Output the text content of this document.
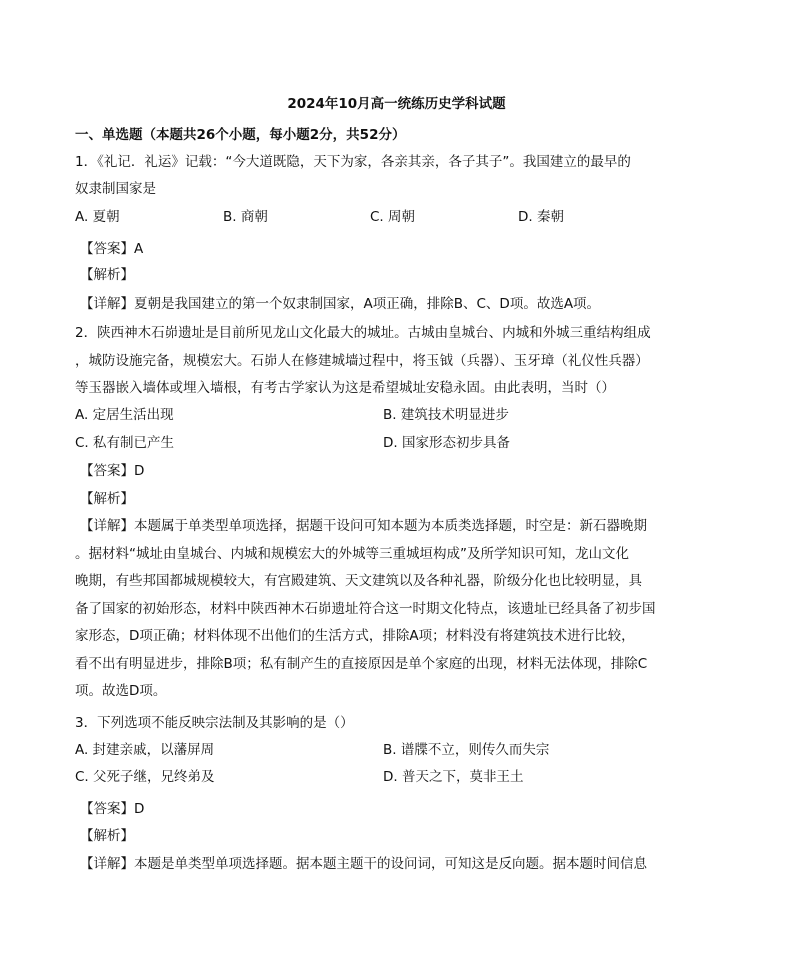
2024年10月高一统练历史学科试题
一、单选题（本题共26个小题，每小题2分，共52分）
1．《礼记．礼运》记载：“今大道既隐，天下为家，各亲其亲，各子其子”。我国建立的最早的
奴隶制国家是
A. 夏朝	B. 商朝	C. 周朝	D. 秦朝
【答案】A
【解析】
【详解】夏朝是我国建立的第一个奴隶制国家，A项正确，排除B、C、D项。故选A项。
2．陕西神木石峁遗址是目前所见龙山文化最大的城址。古城由皇城台、内城和外城三重结构组成
，城防设施完备，规模宏大。石峁人在修建城墙过程中，将玉钺（兵器）、玉牙璋（礼仪性兵器）
等玉器嵌入墙体或埋入墙根，有考古学家认为这是希望城址安稳永固。由此表明，当时（）
A. 定居生活出现	B. 建筑技术明显进步
C. 私有制已产生	D. 国家形态初步具备
【答案】D
【解析】
【详解】本题属于单类型单项选择，据题干设问可知本题为本质类选择题，时空是：新石器晚期
。据材料“城址由皇城台、内城和规模宏大的外城等三重城垣构成”及所学知识可知，龙山文化
晚期，有些邦国都城规模较大，有宫殿建筑、天文建筑以及各种礼器，阶级分化也比较明显，具
备了国家的初始形态，材料中陕西神木石峁遗址符合这一时期文化特点，该遗址已经具备了初步国
家形态，D项正确；材料体现不出他们的生活方式，排除A项；材料没有将建筑技术进行比较，
看不出有明显进步，排除B项；私有制产生的直接原因是单个家庭的出现，材料无法体现，排除C
项。故选D项。
3．下列选项不能反映宗法制及其影响的是（）
A. 封建亲戚，以藩屏周	B. 谱牒不立，则传久而失宗
C. 父死子继，兄终弟及	D. 普天之下，莫非王土
【答案】D
【解析】
【详解】本题是单类型单项选择题。据本题主题干的设问词，可知这是反向题。据本题时间信息
